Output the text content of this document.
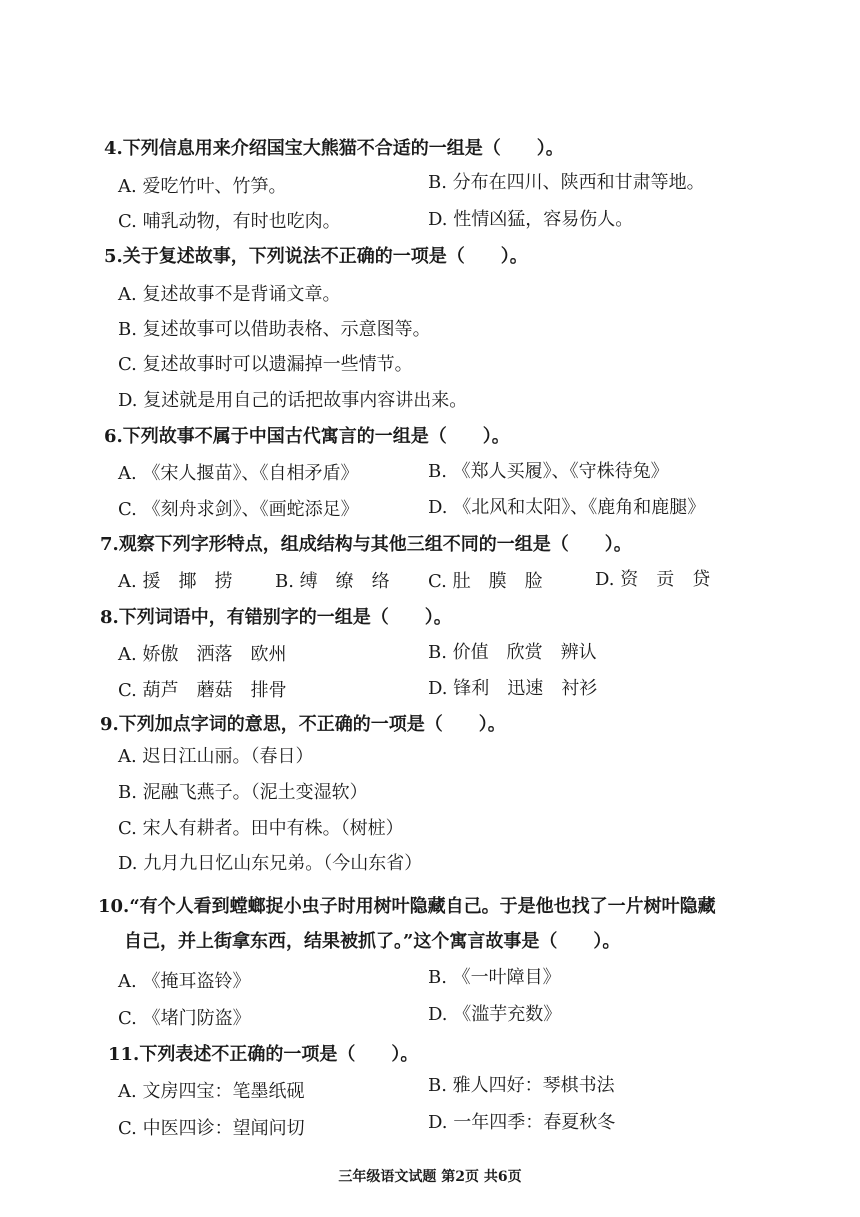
4.下列信息用来介绍国宝大熊猫不合适的一组是（　　）。
A. 爱吃竹叶、竹笋。	B. 分布在四川、陕西和甘肃等地。
C. 哺乳动物，有时也吃肉。	D. 性情凶猛，容易伤人。
5.关于复述故事，下列说法不正确的一项是（　　）。
A. 复述故事不是背诵文章。
B. 复述故事可以借助表格、示意图等。
C. 复述故事时可以遗漏掉一些情节。
D. 复述就是用自己的话把故事内容讲出来。
6.下列故事不属于中国古代寓言的一组是（　　）。
A. 《宋人揠苗》、《自相矛盾》	B. 《郑人买履》、《守株待兔》
C. 《刻舟求剑》、《画蛇添足》	D. 《北风和太阳》、《鹿角和鹿腿》
7.观察下列字形特点，组成结构与其他三组不同的一组是（　　）。
A. 援　揶　捞 B. 缚　缭　络 C. 肚　膜　脸	D. 资　贡　贷
8.下列词语中，有错别字的一组是（　　）。
A. 娇傲　洒落　欧州	B. 价值　欣赏　辨认
C. 葫芦　蘑菇　排骨	D. 锋利　迅速　衬衫
9.下列加点字词的意思，不正确的一项是（　　）。
A. 迟日江山丽。（春日）
B. 泥融飞燕子。（泥土变湿软）
C. 宋人有耕者。田中有株。（树桩）
D. 九月九日忆山东兄弟。（今山东省）
10.“有个人看到螳螂捉小虫子时用树叶隐藏自己。于是他也找了一片树叶隐藏
自己，并上街拿东西，结果被抓了。”这个寓言故事是（　　）。
A. 《掩耳盗铃》	B. 《一叶障目》
C. 《堵门防盗》	D. 《滥芋充数》
11.下列表述不正确的一项是（　　）。
A. 文房四宝：笔墨纸砚	B. 雅人四好：琴棋书法
C. 中医四诊：望闻问切	D. 一年四季：春夏秋冬
三年级语文试题 第2页 共6页
